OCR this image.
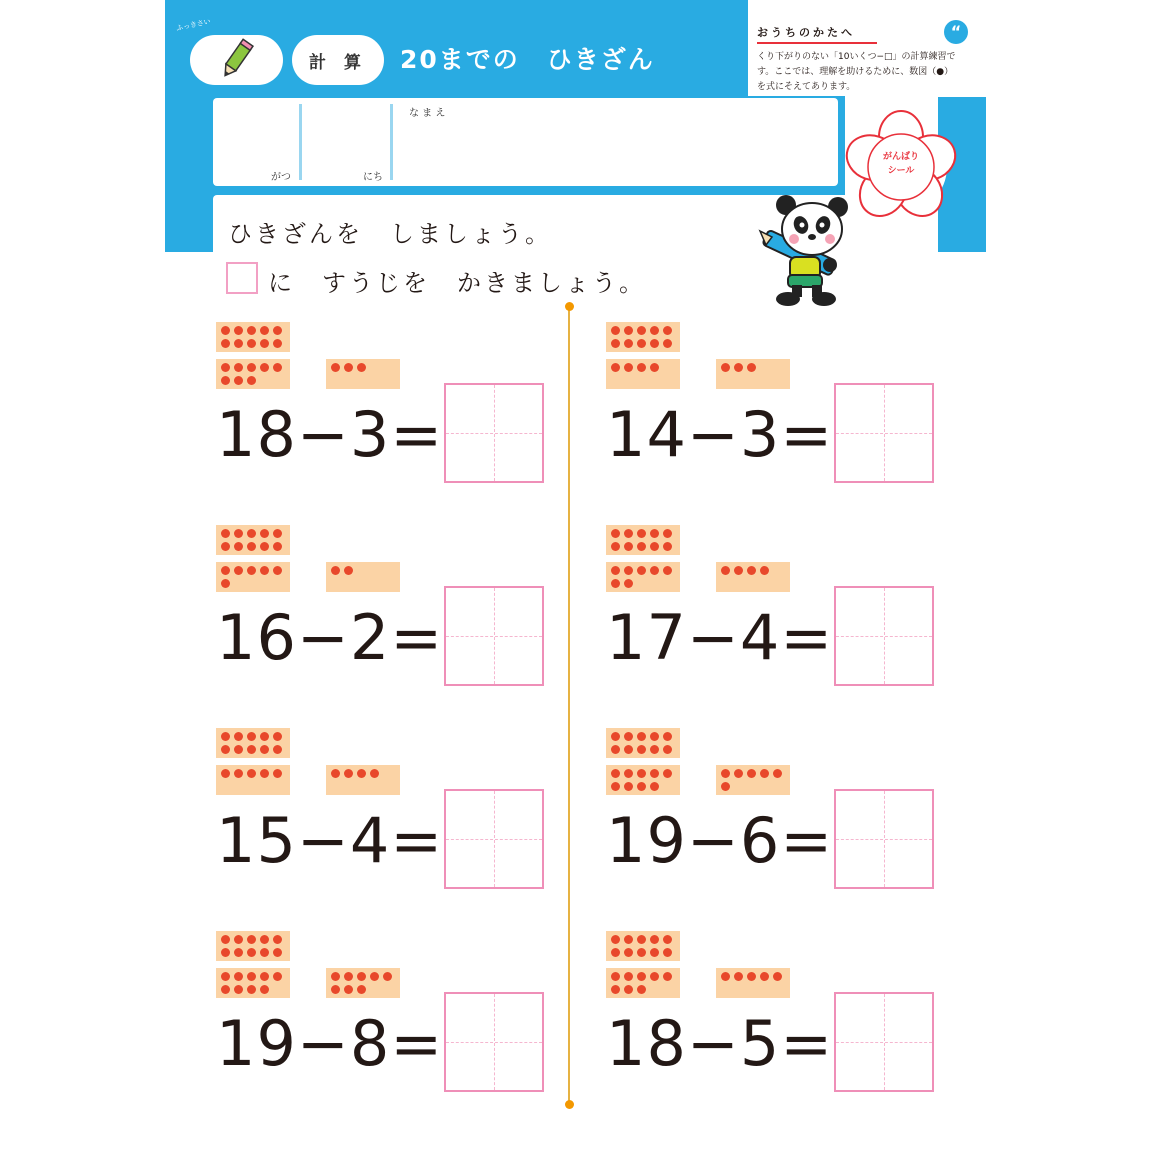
ふっきさい
計 算	20までの　ひきざん
がつ	にち
な ま え
ひきざんを　しましょう。
に　すうじを　かきましょう。
おうちのかたへ
くり下がりのない「10いくつ−□」の計算練習です。ここでは、理解を助けるために、数図（●）を式にそえてあります。
“
がんばり
シール
18−3=	14−3=
16−2=	17−4=
15−4=	19−6=
19−8=	18−5=
